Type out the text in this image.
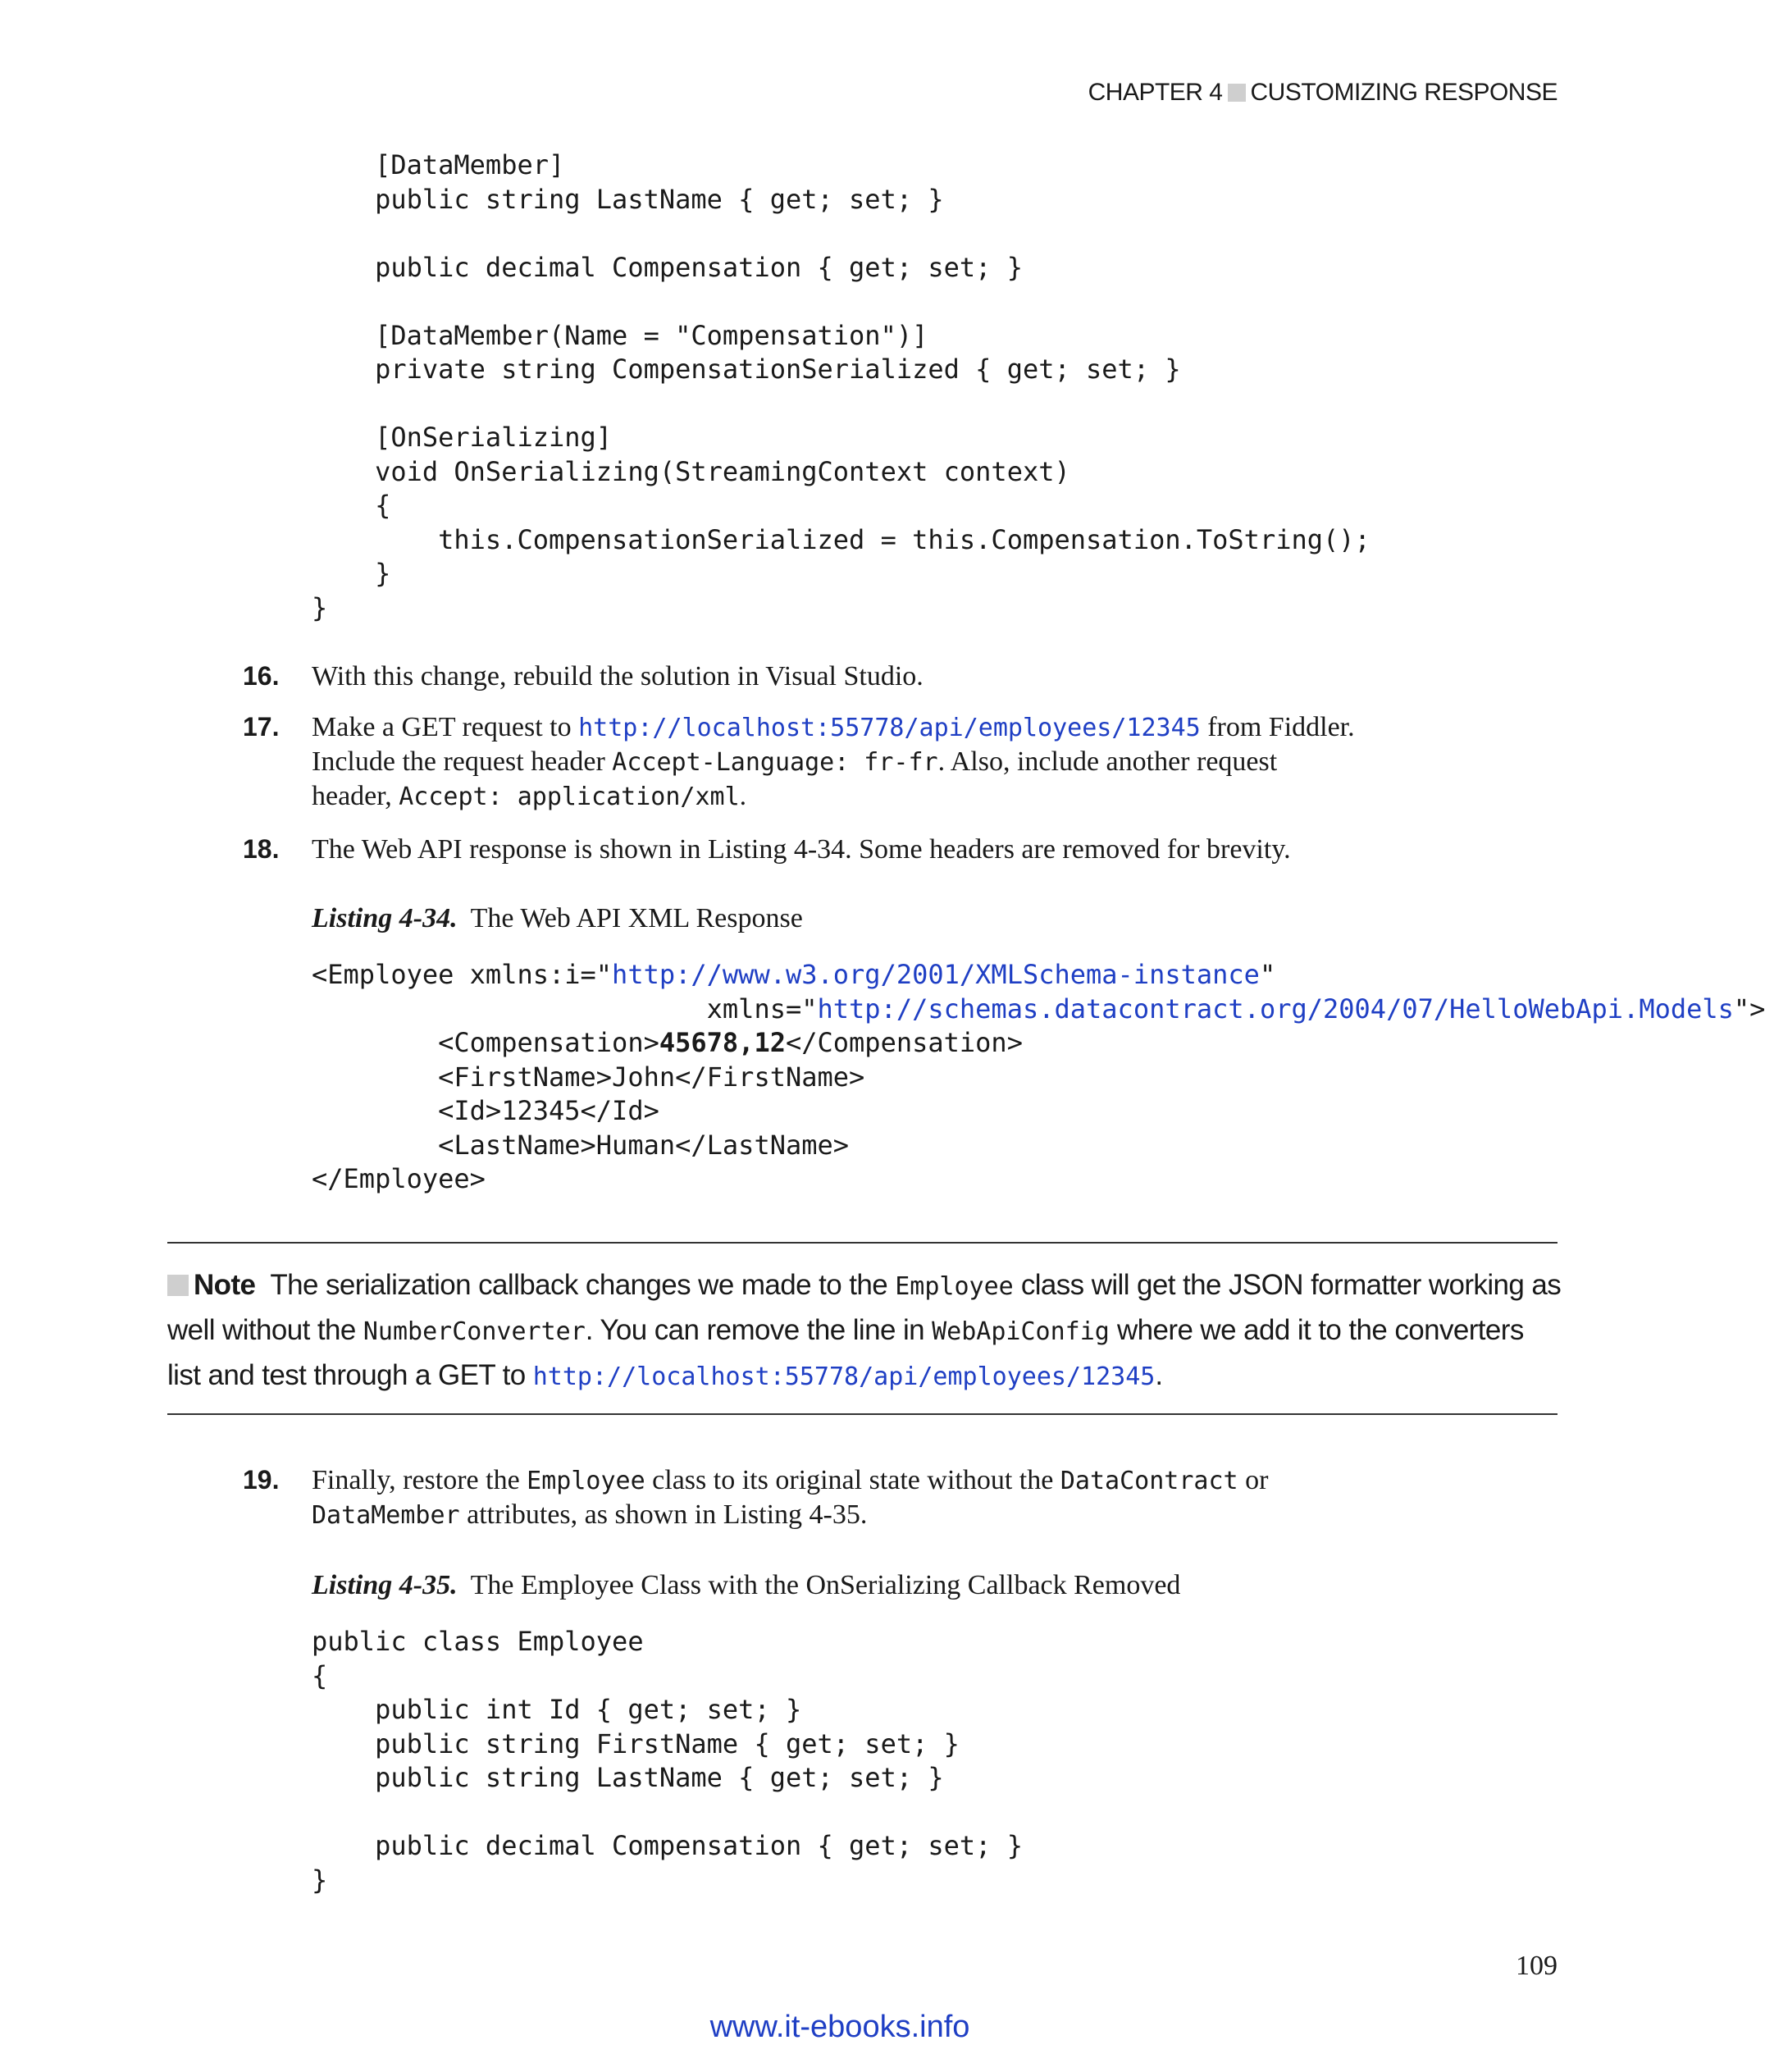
CHAPTER 4 CUSTOMIZING RESPONSE
[DataMember]
public string LastName { get; set; }
public decimal Compensation { get; set; }
[DataMember(Name = "Compensation")]
private string CompensationSerialized { get; set; }
[OnSerializing]
void OnSerializing(StreamingContext context)
{
this.CompensationSerialized = this.Compensation.ToString();
}
}
16. With this change, rebuild the solution in Visual Studio.
17. Make a GET request to http://localhost:55778/api/employees/12345 from Fiddler.
Include the request header Accept-Language: fr-fr. Also, include another request
header, Accept: application/xml.
18. The Web API response is shown in Listing 4-34. Some headers are removed for brevity.
Listing 4-34. The Web API XML Response
<Employee xmlns:i="http://www.w3.org/2001/XMLSchema-instance"
xmlns="http://schemas.datacontract.org/2004/07/HelloWebApi.Models">
<Compensation>45678,12</Compensation>
<FirstName>John</FirstName>
<Id>12345</Id>
<LastName>Human</LastName>
</Employee>
Note The serialization callback changes we made to the Employee class will get the JSON formatter working as well without the NumberConverter. You can remove the line in WebApiConfig where we add it to the converters list and test through a GET to http://localhost:55778/api/employees/12345.
19. Finally, restore the Employee class to its original state without the DataContract or
DataMember attributes, as shown in Listing 4-35.
Listing 4-35. The Employee Class with the OnSerializing Callback Removed
public class Employee
{
public int Id { get; set; }
public string FirstName { get; set; }
public string LastName { get; set; }
public decimal Compensation { get; set; }
}
109
www.it-ebooks.info
